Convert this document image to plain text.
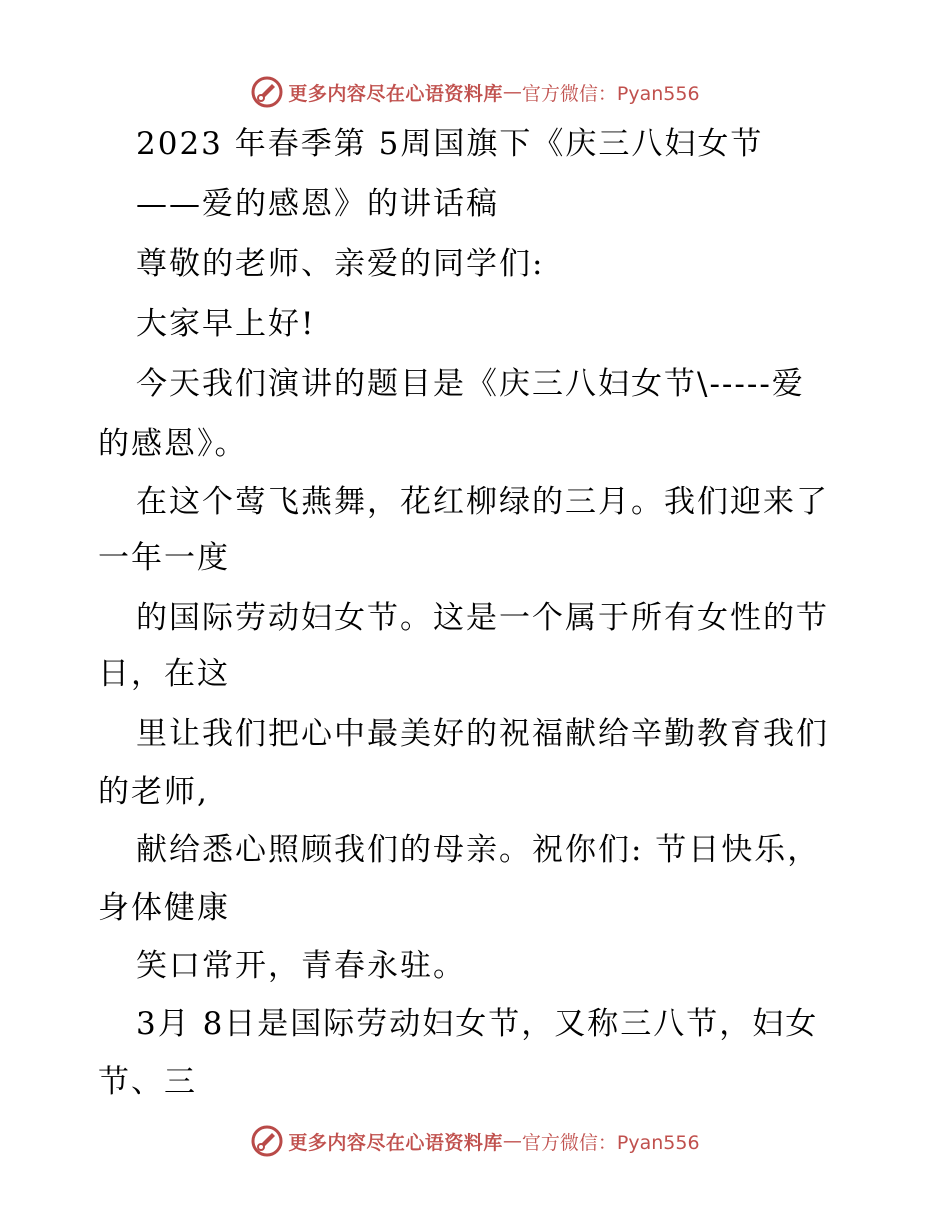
更多内容尽在心语资料库 — 官方微信：Pyan556
2023 年春季第 5周国旗下《庆三八妇女节
——爱的感恩》的讲话稿
尊敬的老师、亲爱的同学们:
大家早上好!
今天我们演讲的题目是《庆三八妇女节\-----爱
的感恩》。
在这个莺飞燕舞，花红柳绿的三月。我们迎来了
一年一度
的国际劳动妇女节。这是一个属于所有女性的节
日，在这
里让我们把心中最美好的祝福献给辛勤教育我们
的老师,
献给悉心照顾我们的母亲。祝你们: 节日快乐，
身体健康
笑口常开，青春永驻。
3月 8日是国际劳动妇女节，又称三八节，妇女
节、三
更多内容尽在心语资料库 — 官方微信：Pyan556
